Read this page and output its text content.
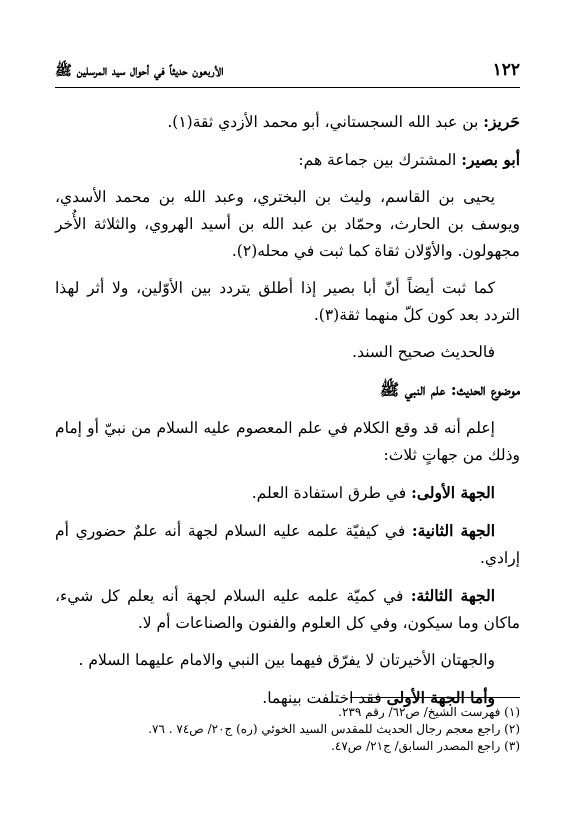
١٢٢
الأربعون حديثاً في أحوال سيد المرسلين ﷺ

حَريز: بن عبد الله السجستاني، أبو محمد الأزدي ثقة(١).

أبو بصير: المشترك بين جماعة هم:

يحيى بن القاسم، وليث بن البختري، وعبد الله بن محمد الأسدي، ويوسف بن الحارث، وحمّاد بن عبد الله بن أسيد الهروي، والثلاثة الأُخر مجهولون. والأوّلان ثقاة كما ثبت في محله(٢).

كما ثبت أيضاً أنّ أبا بصير إذا أطلق يتردد بين الأوّلين، ولا أثر لهذا التردد بعد كون كلّ منهما ثقة(٣).

فالحديث صحيح السند.

موضوع الحديث: علم النبي ﷺ

إعلم أنه قد وقع الكلام في علم المعصوم عليه السلام من نبيّ أو إمام وذلك من جهاتٍ ثلاث:

الجهة الأولى: في طرق استفادة العلم.

الجهة الثانية: في كيفيّة علمه عليه السلام لجهة أنه علمٌ حضوري أم إرادي.

الجهة الثالثة: في كميّة علمه عليه السلام لجهة أنه يعلم كل شيء، ماكان وما سيكون، وفي كل العلوم والفنون والصناعات أم لا.

والجهتان الأخيرتان لا يفرّق فيهما بين النبي والامام عليهما السلام .

وأما الجهة الأولى فقد اختلفت بينهما.

(١) فهرست الشيخ/ ص٦٢/ رقم ٢٣٩.
(٢) راجع معجم رجال الحديث للمقدس السيد الخوئي (ره) ج٢٠/ ص٧٤ . ٧٦.
(٣) راجع المصدر السابق/ ج٢١/ ص٤٧.
